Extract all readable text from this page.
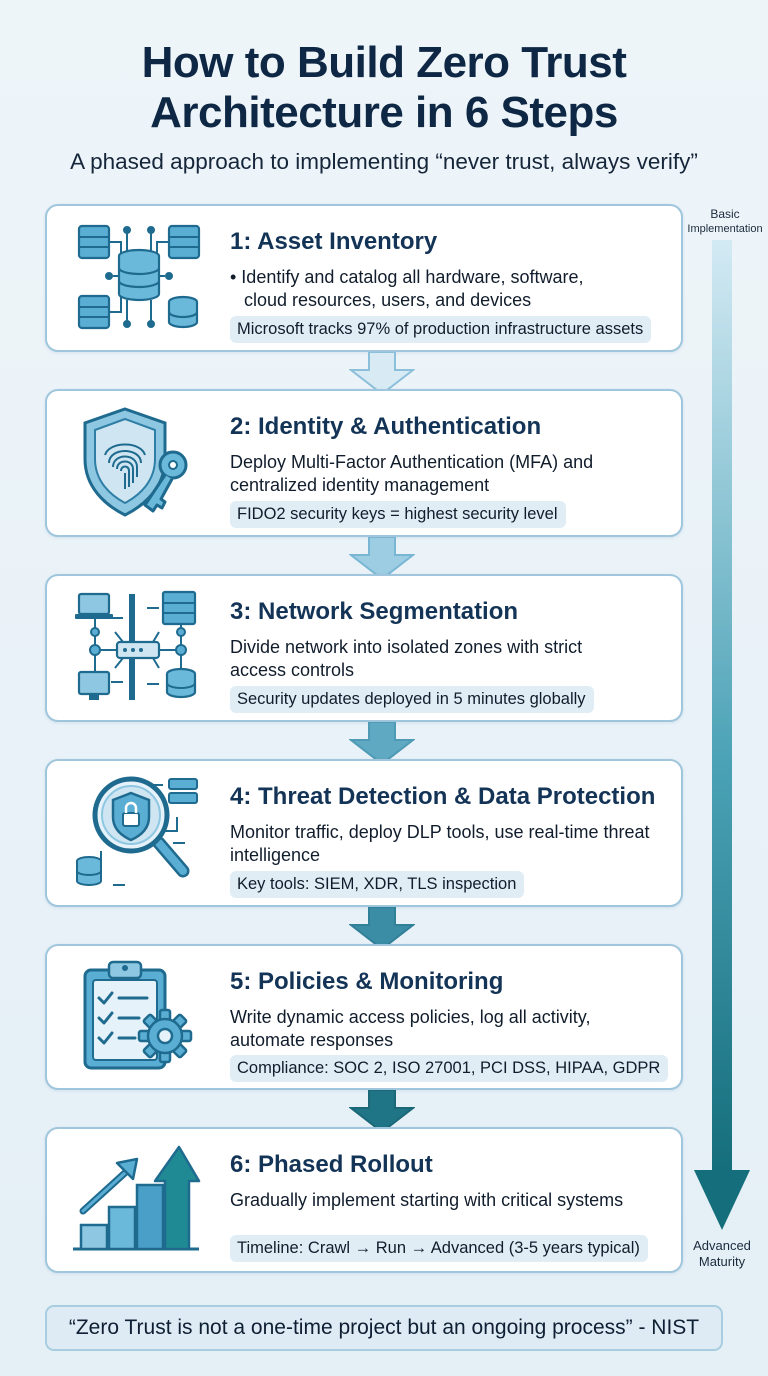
How to Build Zero Trust
Architecture in 6 Steps
A phased approach to implementing “never trust, always verify”
Basic
Implementation
Advanced
Maturity
1: Asset Inventory
• Identify and catalog all hardware, software,
cloud resources, users, and devices
Microsoft tracks 97% of production infrastructure assets
2: Identity & Authentication
Deploy Multi-Factor Authentication (MFA) and centralized identity management
FIDO2 security keys = highest security level
3: Network Segmentation
Divide network into isolated zones with strict access controls
Security updates deployed in 5 minutes globally
4: Threat Detection & Data Protection
Monitor traffic, deploy DLP tools, use real-time threat intelligence
Key tools: SIEM, XDR, TLS inspection
5: Policies & Monitoring
Write dynamic access policies, log all activity, automate responses
Compliance: SOC 2, ISO 27001, PCI DSS, HIPAA, GDPR
6: Phased Rollout
Gradually implement starting with critical systems
Timeline: Crawl → Run → Advanced (3-5 years typical)
“Zero Trust is not a one-time project but an ongoing process” - NIST
